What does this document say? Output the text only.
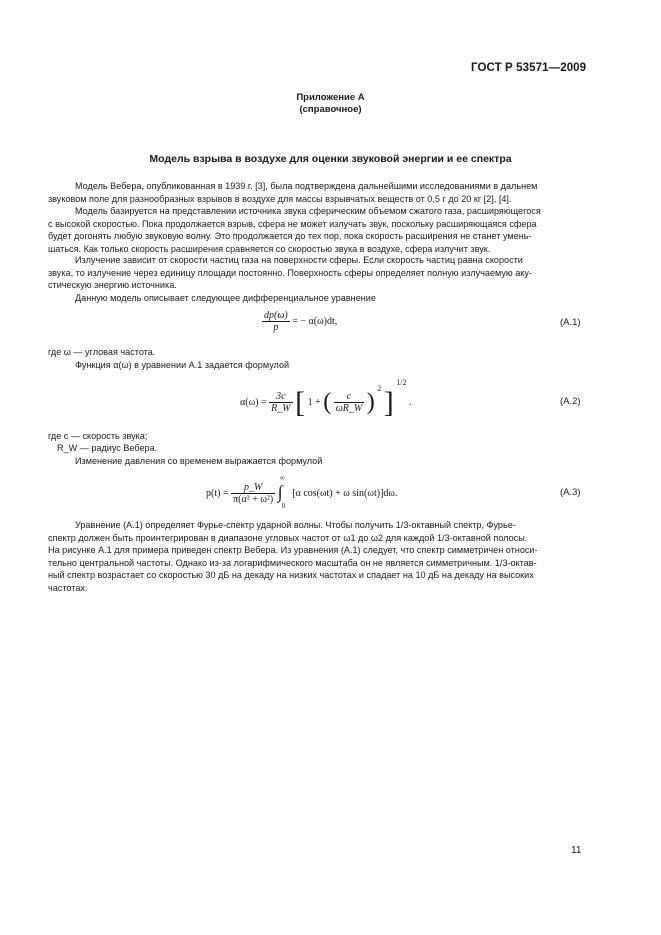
ГОСТ Р 53571—2009
Приложение А
(справочное)
Модель взрыва в воздухе для оценки звуковой энергии и ее спектра
Модель Вебера, опубликованная в 1939 г. [3], была подтверждена дальнейшими исследованиями в дальнем
звуковом поле для разнообразных взрывов в воздухе для массы взрывчатых веществ от 0,5 г до 20 кг [2], [4].
Модель базируется на представлении источника звука сферическим объемом сжатого газа, расширяющегося
с высокой скоростью. Пока продолжается взрыв, сфера не может излучать звук, поскольку расширяющаяся сфера
будет догонять любую звуковую волну. Это продолжается до тех пор, пока скорость расширения не станет умень-
шаться. Как только скорость расширения сравняется со скоростью звука в воздухе, сфера излучит звук.
Излучение зависит от скорости частиц газа на поверхности сферы. Если скорость частиц равна скорости
звука, то излучение через единицу площади постоянно. Поверхность сферы определяет полную излучаемую аку-
стическую энергию источника.
Данную модель описывает следующее дифференциальное уравнение
$\frac{dp(\omega)}{p}$ = − α(ω)dt,	(А.1)
где ω — угловая частота.
Функция α(ω) в уравнении А.1 задается формулой
$\alpha(\omega) = \frac{3c}{R\_W}$ [ 1 + ( $\frac{c}{\omega R\_W}$ ) $^2$ ] $^{1/2}$ .	(А.2)
где c — скорость звука;
R_W — радиус Вебера.
Изменение давления со временем выражается формулой
$p(t) = \frac{p\_W}{\text{π(α² + ω²)}}$

∞
∫
0
[α cos(ωt) + ω sin(ωt)]dω.	(А.3)
Уравнение (А.1) определяет Фурье-спектр ударной волны. Чтобы получить 1/3-октавный спектр, Фурье-
спектр должен быть проинтегрирован в диапазоне угловых частот от ω1 до ω2 для каждой 1/3-октавной полосы.
На рисунке А.1 для примера приведен спектр Вебера. Из уравнения (А.1) следует, что спектр симметричен относи-
тельно центральной частоты. Однако из-за логарифмического масштаба он не является симметричным. 1/3-октав-
ный спектр возрастает со скоростью 30 дБ на декаду на низких частотах и спадает на 10 дБ на декаду на высоких
частотах.
11
